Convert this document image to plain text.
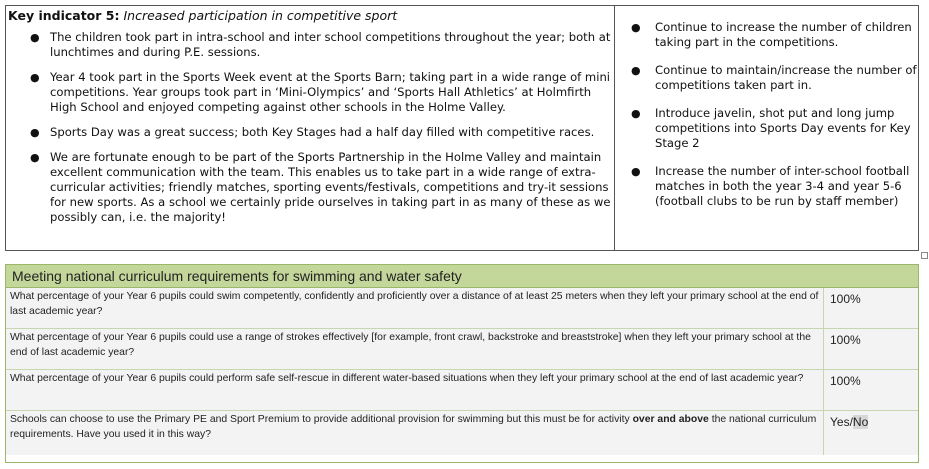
Key indicator 5: Increased participation in competitive sport
● The children took part in intra-school and inter school competitions throughout the year; both at lunchtimes and during P.E. sessions.
● Year 4 took part in the Sports Week event at the Sports Barn; taking part in a wide range of mini competitions. Year groups took part in ‘Mini-Olympics’ and ‘Sports Hall Athletics’ at Holmfirth High School and enjoyed competing against other schools in the Holme Valley.
● Sports Day was a great success; both Key Stages had a half day filled with competitive races.
● We are fortunate enough to be part of the Sports Partnership in the Holme Valley and maintain excellent communication with the team. This enables us to take part in a wide range of extra-curricular activities; friendly matches, sporting events/festivals, competitions and try-it sessions for new sports. As a school we certainly pride ourselves in taking part in as many of these as we possibly can, i.e. the majority!
● Continue to increase the number of children taking part in the competitions.
● Continue to maintain/increase the number of competitions taken part in.
● Introduce javelin, shot put and long jump competitions into Sports Day events for Key Stage 2
● Increase the number of inter-school football matches in both the year 3-4 and year 5-6 (football clubs to be run by staff member)
Meeting national curriculum requirements for swimming and water safety
What percentage of your Year 6 pupils could swim competently, confidently and proficiently over a distance of at least 25 meters when they left your primary school at the end of last academic year?
100%
What percentage of your Year 6 pupils could use a range of strokes effectively [for example, front crawl, backstroke and breaststroke] when they left your primary school at the end of last academic year?
100%
What percentage of your Year 6 pupils could perform safe self-rescue in different water-based situations when they left your primary school at the end of last academic year?	100%
Schools can choose to use the Primary PE and Sport Premium to provide additional provision for swimming but this must be for activity over and above the national curriculum requirements. Have you used it in this way?
Yes/No
